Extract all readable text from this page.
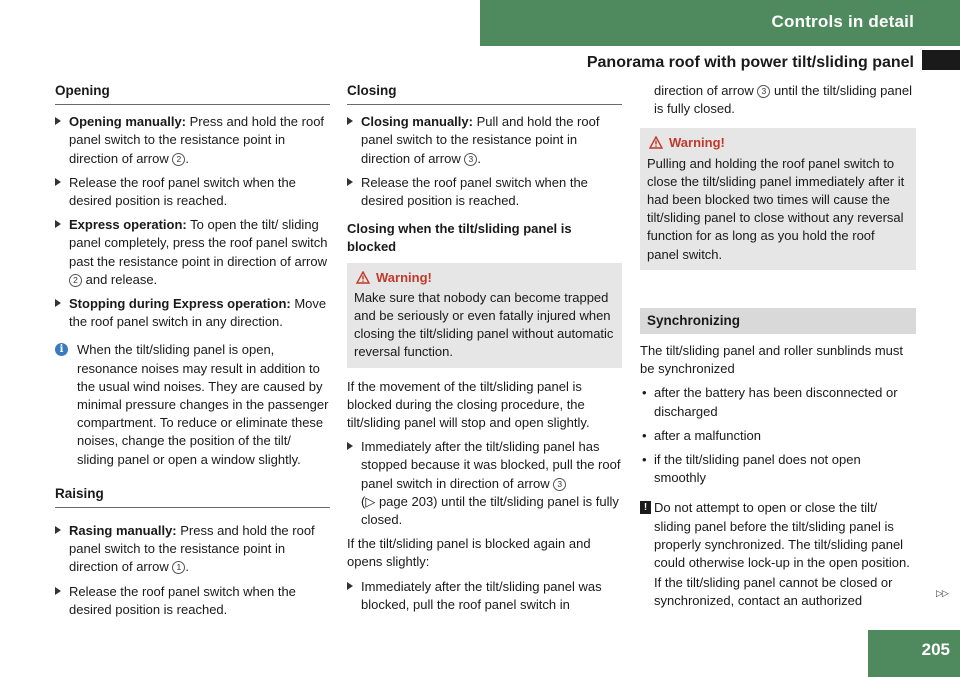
Controls in detail
Panorama roof with power tilt/sliding panel
Opening
Opening manually: Press and hold the roof panel switch to the resistance point in direction of arrow 2 .
Release the roof panel switch when the desired position is reached.
Express operation: To open the tilt/ sliding panel completely, press the roof panel switch past the resistance point in direction of arrow 2 and release.
Stopping during Express operation: Move the roof panel switch in any direction.
i	When the tilt/sliding panel is open, resonance noises may result in addition to the usual wind noises. They are caused by minimal pressure changes in the passenger compartment. To reduce or eliminate these noises, change the position of the tilt/ sliding panel or open a window slightly.
Raising
Rasing manually: Press and hold the roof panel switch to the resistance point in direction of arrow 1 .
Release the roof panel switch when the desired position is reached.
Closing
Closing manually: Pull and hold the roof panel switch to the resistance point in direction of arrow 3 .
Release the roof panel switch when the desired position is reached.
Closing when the tilt/sliding panel is blocked
Warning!
Make sure that nobody can become trapped and be seriously or even fatally injured when closing the tilt/sliding panel without automatic reversal function.
If the movement of the tilt/sliding panel is blocked during the closing procedure, the tilt/sliding panel will stop and open slightly.
Immediately after the tilt/sliding panel has stopped because it was blocked, pull the roof panel switch in direction of arrow 3
(▷ page 203) until the tilt/sliding panel is fully closed.
If the tilt/sliding panel is blocked again and opens slightly:
Immediately after the tilt/sliding panel was blocked, pull the roof panel switch in
direction of arrow 3 until the tilt/sliding panel is fully closed.
Warning!
Pulling and holding the roof panel switch to close the tilt/sliding panel immediately after it had been blocked two times will cause the tilt/sliding panel to close without any reversal function for as long as you hold the roof panel switch.
Synchronizing
The tilt/sliding panel and roller sunblinds must be synchronized
• after the battery has been disconnected or discharged
• after a malfunction
• if the tilt/sliding panel does not open smoothly
! Do not attempt to open or close the tilt/ sliding panel before the tilt/sliding panel is properly synchronized. The tilt/sliding panel could otherwise lock-up in the open position.
If the tilt/sliding panel cannot be closed or synchronized, contact an authorized
▷▷
205
